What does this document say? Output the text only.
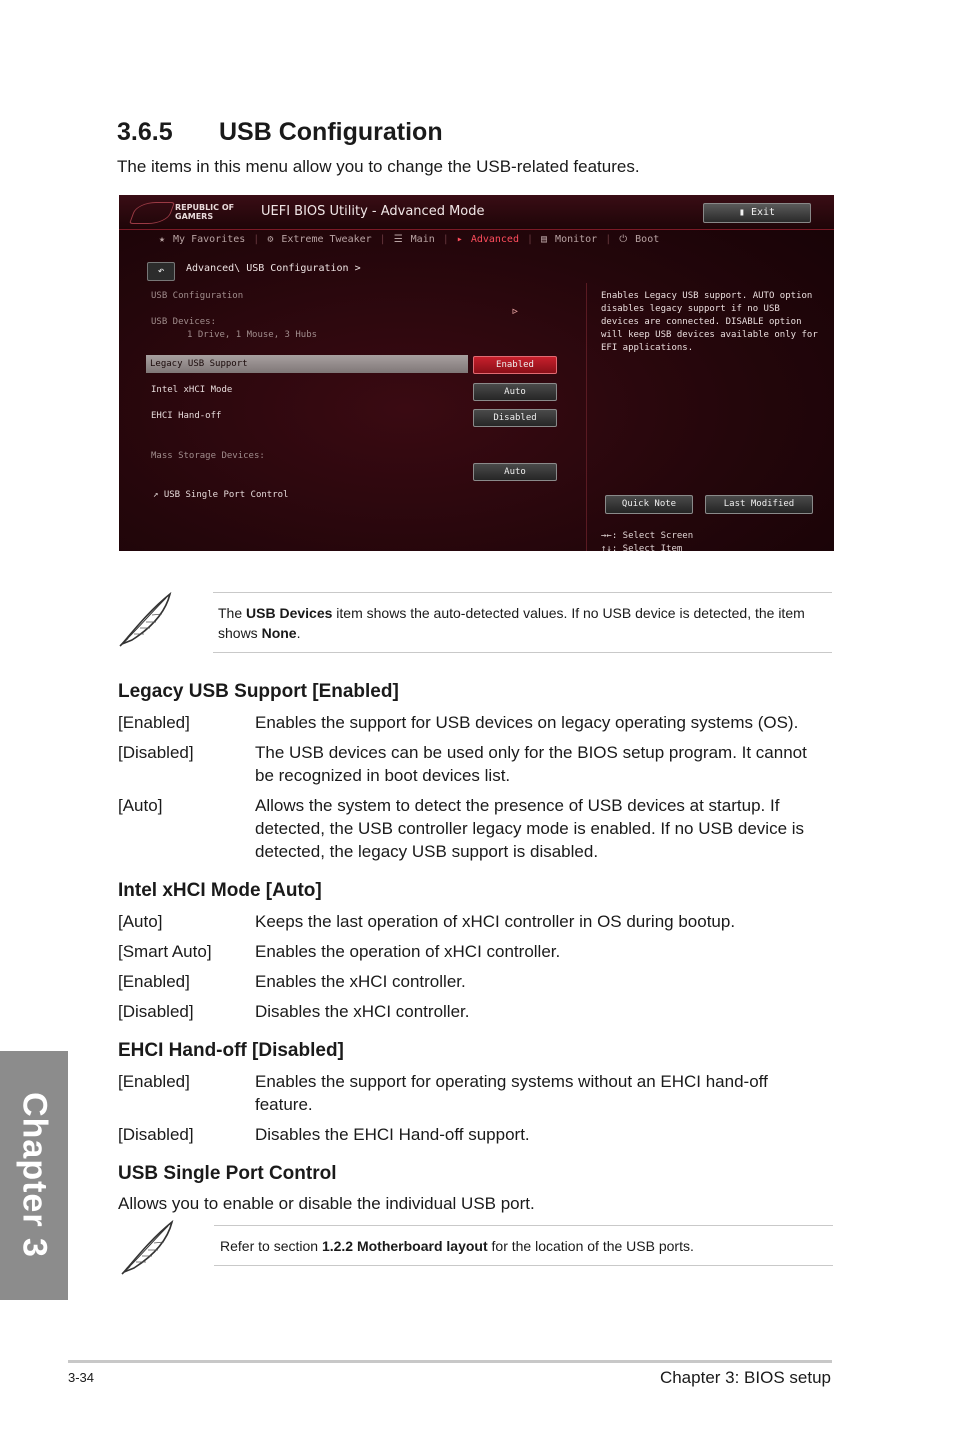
3.6.5 USB Configuration
The items in this menu allow you to change the USB-related features.
REPUBLIC OF
GAMERS	UEFI BIOS Utility - Advanced Mode	▮ Exit
★ My Favorites | ⚙ Extreme Tweaker | ☰ Main | ▸ Advanced | ▤ Monitor | ⏻ Boot
↶	Advanced\ USB Configuration >
USB Configuration
USB Devices:
1 Drive, 1 Mouse, 3 Hubs
Legacy USB Support	Enabled
Intel xHCI Mode	Auto
EHCI Hand-off	Disabled
Mass Storage Devices:
Auto
↗ USB Single Port Control
▹
Enables Legacy USB support. AUTO option disables legacy support if no USB devices are connected. DISABLE option will keep USB devices available only for EFI applications.
Quick Note	Last Modified
→←: Select Screen
↑↓: Select Item
The USB Devices item shows the auto-detected values. If no USB device is detected, the item shows None.
Legacy USB Support [Enabled]
[Enabled]	Enables the support for USB devices on legacy operating systems (OS).
[Disabled]	The USB devices can be used only for the BIOS setup program. It cannot be recognized in boot devices list.
[Auto]	Allows the system to detect the presence of USB devices at startup. If detected, the USB controller legacy mode is enabled. If no USB device is detected, the legacy USB support is disabled.
Intel xHCI Mode [Auto]
[Auto]	Keeps the last operation of xHCI controller in OS during bootup.
[Smart Auto]	Enables the operation of xHCI controller.
[Enabled]	Enables the xHCI controller.
[Disabled]	Disables the xHCI controller.
EHCI Hand-off [Disabled]
[Enabled]	Enables the support for operating systems without an EHCI hand-off feature.
[Disabled]	Disables the EHCI Hand-off support.
USB Single Port Control
Allows you to enable or disable the individual USB port.
Refer to section 1.2.2 Motherboard layout for the location of the USB ports.
Chapter 3
3-34	Chapter 3: BIOS setup
